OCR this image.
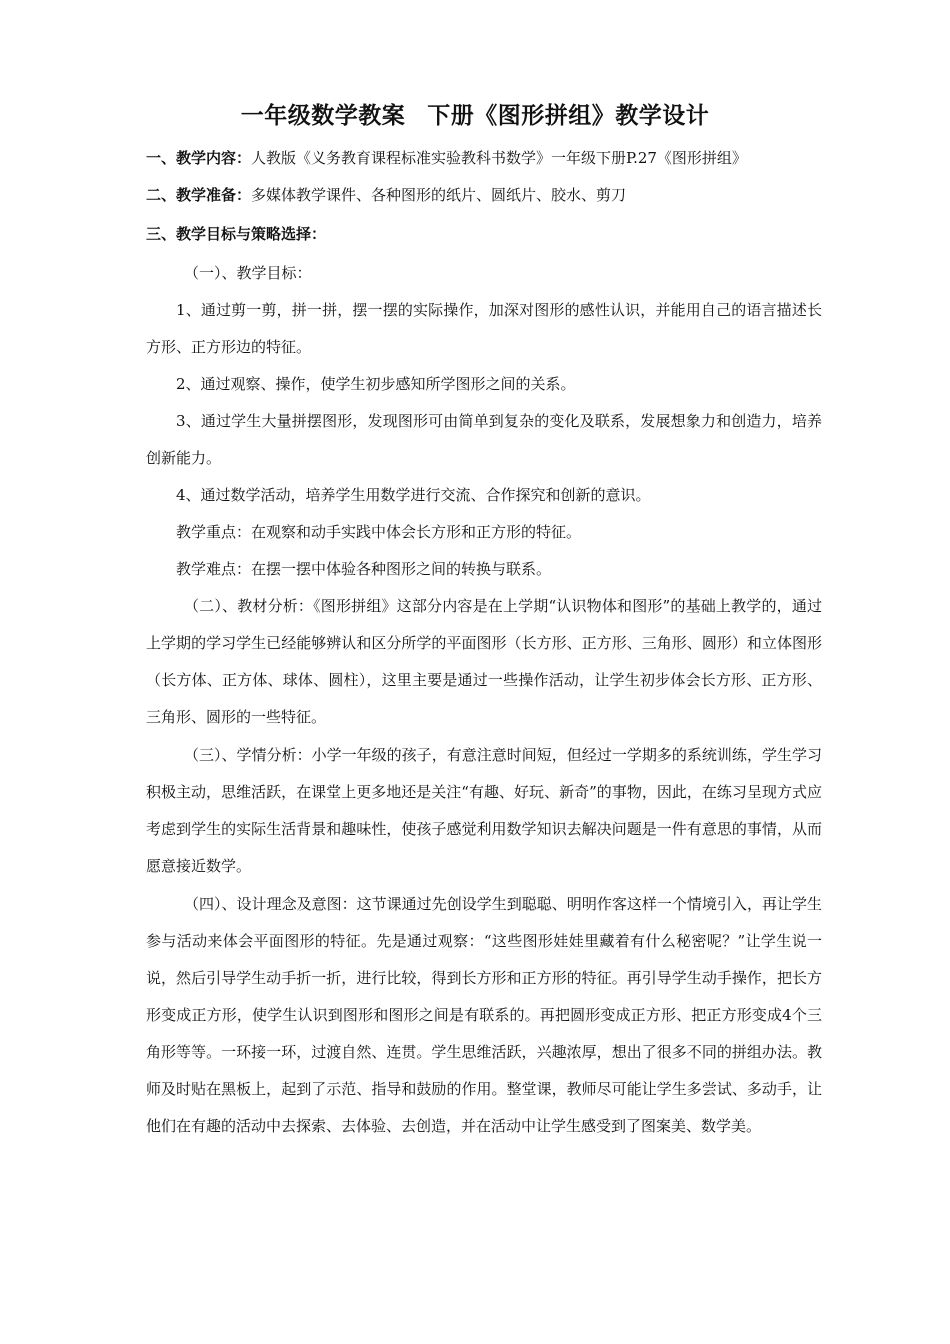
一年级数学教案 下册《图形拼组》教学设计
一、教学内容：人教版《义务教育课程标准实验教科书数学》一年级下册P.27《图形拼组》
二、教学准备：多媒体教学课件、各种图形的纸片、圆纸片、胶水、剪刀
三、教学目标与策略选择：
（一）、教学目标：
1、通过剪一剪，拼一拼，摆一摆的实际操作，加深对图形的感性认识，并能用自己的语言描述长方形、正方形边的特征。
2、通过观察、操作，使学生初步感知所学图形之间的关系。
3、通过学生大量拼摆图形，发现图形可由简单到复杂的变化及联系，发展想象力和创造力，培养创新能力。
4、通过数学活动，培养学生用数学进行交流、合作探究和创新的意识。
教学重点：在观察和动手实践中体会长方形和正方形的特征。
教学难点：在摆一摆中体验各种图形之间的转换与联系。
（二）、教材分析：《图形拼组》这部分内容是在上学期“认识物体和图形”的基础上教学的，通过上学期的学习学生已经能够辨认和区分所学的平面图形（长方形、正方形、三角形、圆形）和立体图形（长方体、正方体、球体、圆柱），这里主要是通过一些操作活动，让学生初步体会长方形、正方形、三角形、圆形的一些特征。
（三）、学情分析：小学一年级的孩子，有意注意时间短，但经过一学期多的系统训练，学生学习积极主动，思维活跃，在课堂上更多地还是关注“有趣、好玩、新奇”的事物，因此，在练习呈现方式应考虑到学生的实际生活背景和趣味性，使孩子感觉利用数学知识去解决问题是一件有意思的事情，从而愿意接近数学。
（四）、设计理念及意图：这节课通过先创设学生到聪聪、明明作客这样一个情境引入，再让学生参与活动来体会平面图形的特征。先是通过观察：“这些图形娃娃里藏着有什么秘密呢？”让学生说一说，然后引导学生动手折一折，进行比较，得到长方形和正方形的特征。再引导学生动手操作，把长方形变成正方形，使学生认识到图形和图形之间是有联系的。再把圆形变成正方形、把正方形变成4个三角形等等。一环接一环，过渡自然、连贯。学生思维活跃，兴趣浓厚，想出了很多不同的拼组办法。教师及时贴在黑板上，起到了示范、指导和鼓励的作用。整堂课，教师尽可能让学生多尝试、多动手，让他们在有趣的活动中去探索、去体验、去创造，并在活动中让学生感受到了图案美、数学美。
